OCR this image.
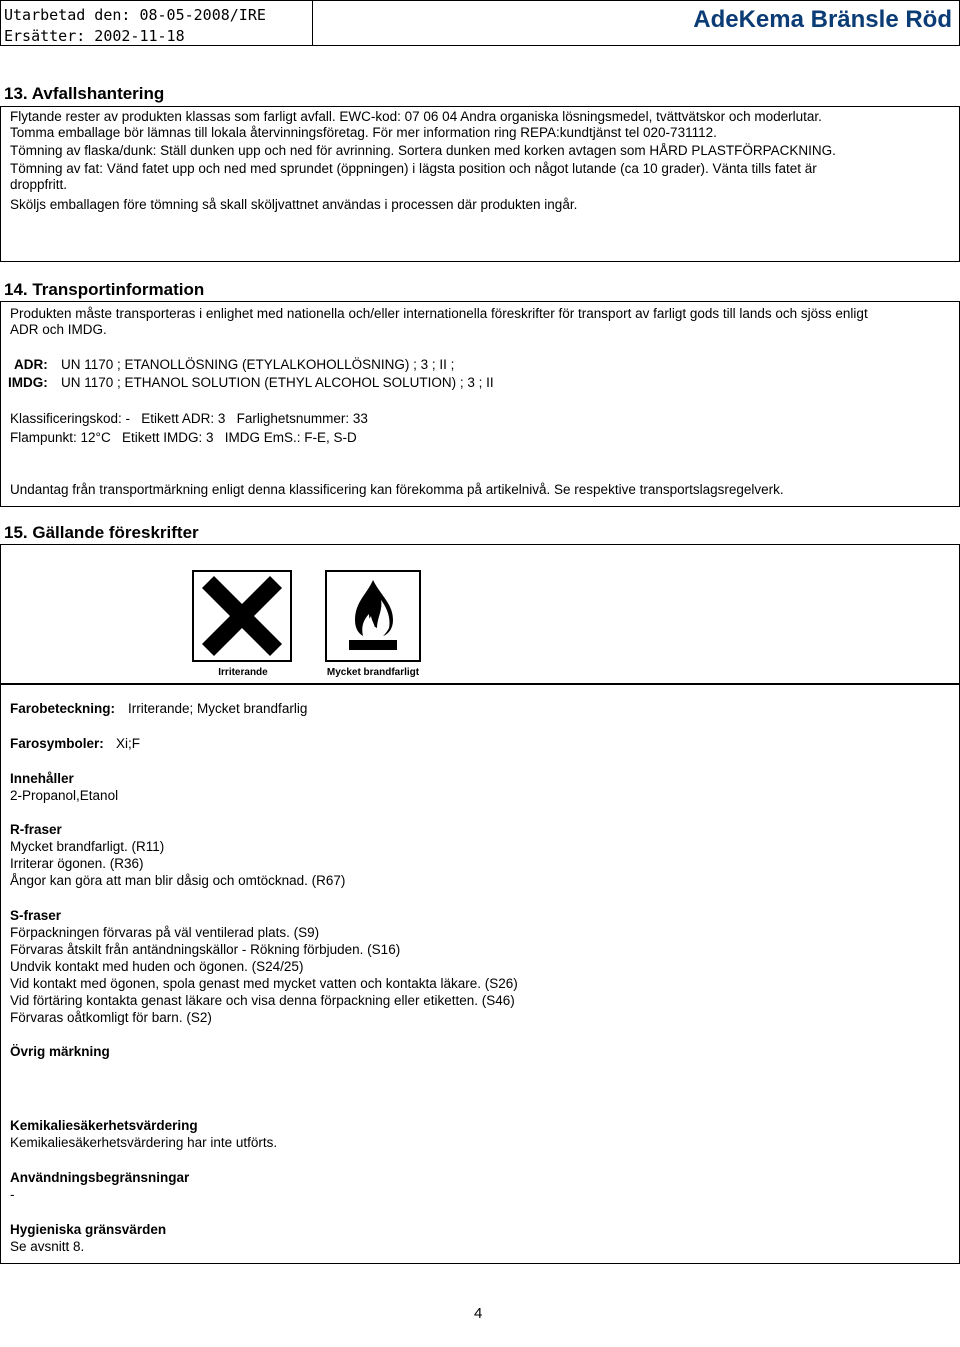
Utarbetad den: 08-05-2008/IRE
Ersätter: 2002-11-18
AdeKema Bränsle Röd
13. Avfallshantering
Flytande rester av produkten klassas som farligt avfall. EWC-kod: 07 06 04 Andra organiska lösningsmedel, tvättvätskor och moderlutar.
Tomma emballage bör lämnas till lokala återvinningsföretag. För mer information ring REPA:kundtjänst tel 020-731112.
Tömning av flaska/dunk: Ställ dunken upp och ned för avrinning. Sortera dunken med korken avtagen som HÅRD PLASTFÖRPACKNING.
Tömning av fat: Vänd fatet upp och ned med sprundet (öppningen) i lägsta position och något lutande (ca 10 grader). Vänta tills fatet är
droppfritt.
Sköljs emballagen före tömning så skall sköljvattnet användas i processen där produkten ingår.
14. Transportinformation
Produkten måste transporteras i enlighet med nationella och/eller internationella föreskrifter för transport av farligt gods till lands och sjöss enligt
ADR och IMDG.
ADR: UN 1170 ; ETANOLLÖSNING (ETYLALKOHOLLÖSNING) ; 3 ; II ;
IMDG: UN 1170 ; ETHANOL SOLUTION (ETHYL ALCOHOL SOLUTION) ; 3 ; II
Klassificeringskod: -   Etikett ADR: 3   Farlighetsnummer: 33
Flampunkt: 12°C   Etikett IMDG: 3   IMDG EmS.: F-E, S-D
Undantag från transportmärkning enligt denna klassificering kan förekomma på artikelnivå. Se respektive transportslagsregelverk.
15. Gällande föreskrifter
Irriterande	Mycket brandfarligt
Farobeteckning: Irriterande; Mycket brandfarlig
Farosymboler: Xi;F
Innehåller
2-Propanol,Etanol
R-fraser
Mycket brandfarligt. (R11)
Irriterar ögonen. (R36)
Ångor kan göra att man blir dåsig och omtöcknad. (R67)
S-fraser
Förpackningen förvaras på väl ventilerad plats. (S9)
Förvaras åtskilt från antändningskällor - Rökning förbjuden. (S16)
Undvik kontakt med huden och ögonen. (S24/25)
Vid kontakt med ögonen, spola genast med mycket vatten och kontakta läkare. (S26)
Vid förtäring kontakta genast läkare och visa denna förpackning eller etiketten. (S46)
Förvaras oåtkomligt för barn. (S2)
Övrig märkning
Kemikaliesäkerhetsvärdering
Kemikaliesäkerhetsvärdering har inte utförts.
Användningsbegränsningar
-
Hygieniska gränsvärden
Se avsnitt 8.
4
